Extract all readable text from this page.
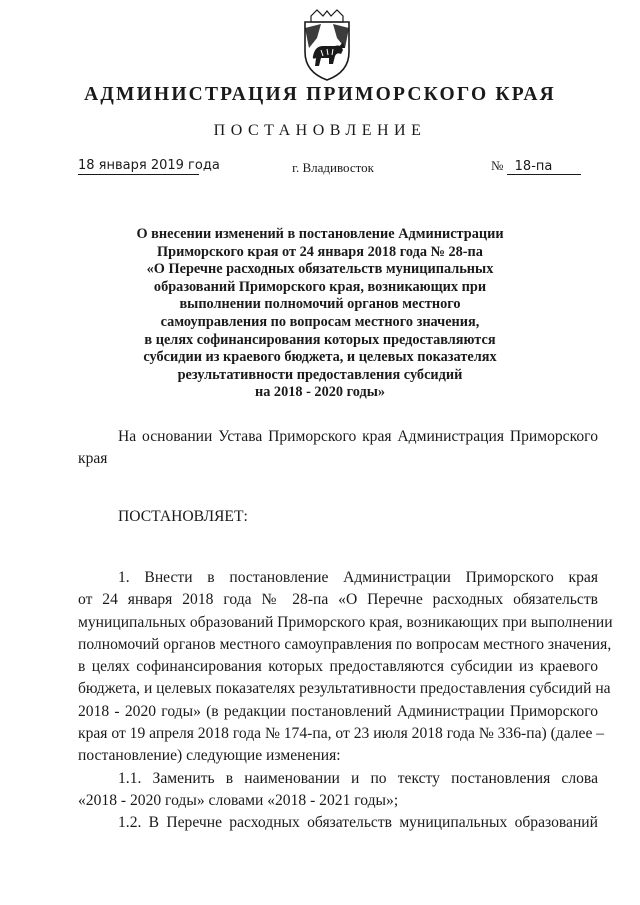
АДМИНИСТРАЦИЯ ПРИМОРСКОГО КРАЯ
ПОСТАНОВЛЕНИЕ
18 января 2019 года	г. Владивосток	№ 18-па
О внесении изменений в постановление Администрации
Приморского края от 24 января 2018 года № 28-па
«О Перечне расходных обязательств муниципальных
образований Приморского края, возникающих при
выполнении полномочий органов местного
самоуправления по вопросам местного значения,
в целях софинансирования которых предоставляются
субсидии из краевого бюджета, и целевых показателях
результативности предоставления субсидий
на 2018 - 2020 годы»
На основании Устава Приморского края Администрация Приморского
края
ПОСТАНОВЛЯЕТ:
1. Внести в постановление Администрации Приморского края
от 24 января 2018 года № 28-па «О Перечне расходных обязательств
муниципальных образований Приморского края, возникающих при выполнении
полномочий органов местного самоуправления по вопросам местного значения,
в целях софинансирования которых предоставляются субсидии из краевого
бюджета, и целевых показателях результативности предоставления субсидий на
2018 - 2020 годы» (в редакции постановлений Администрации Приморского
края от 19 апреля 2018 года № 174-па, от 23 июля 2018 года № 336-па) (далее –
постановление) следующие изменения:
1.1. Заменить в наименовании и по тексту постановления слова
«2018 - 2020 годы» словами «2018 - 2021 годы»;
1.2. В Перечне расходных обязательств муниципальных образований
